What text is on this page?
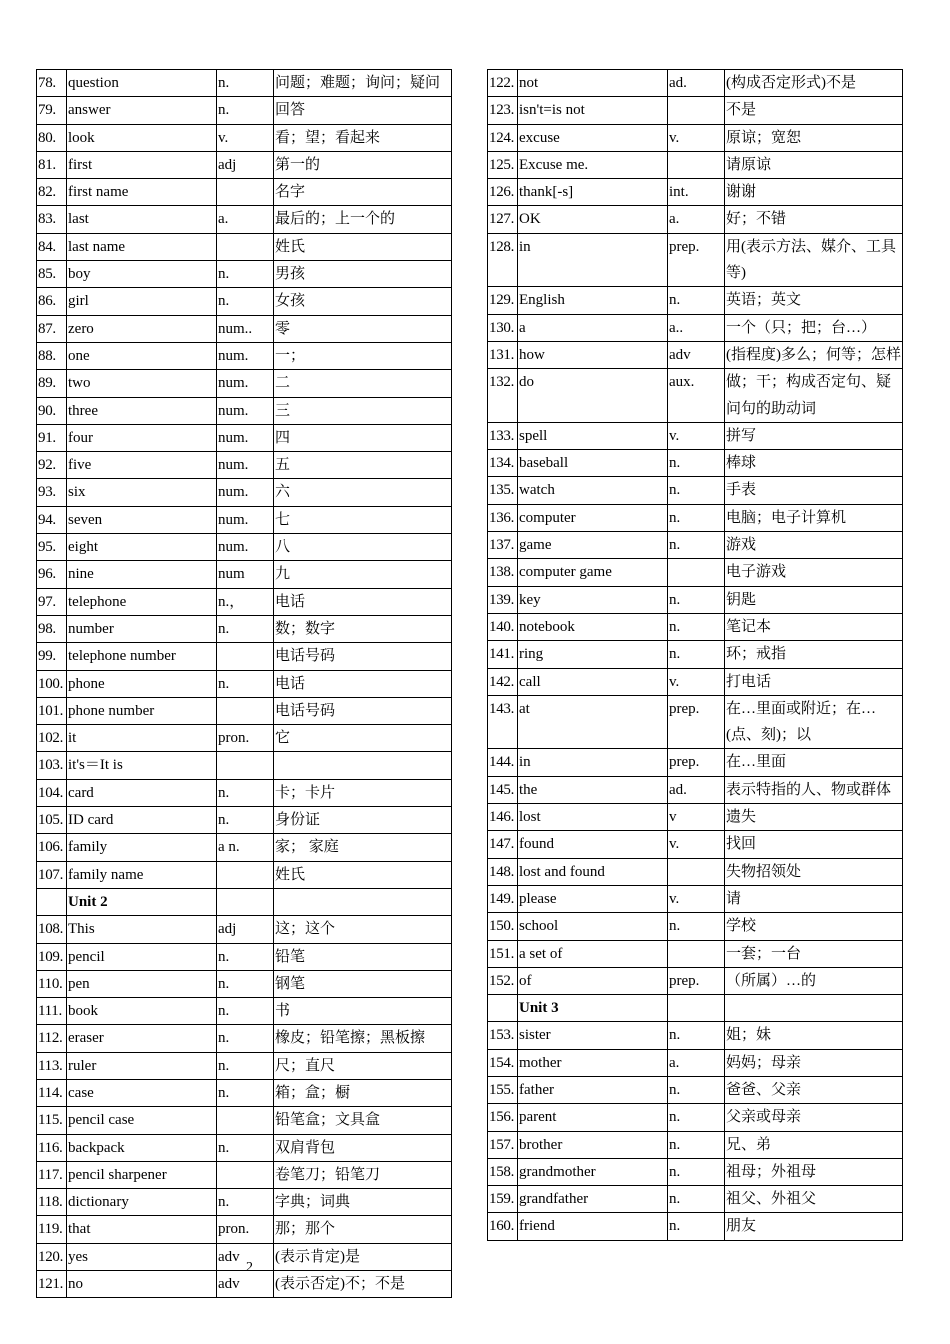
78.	question	n.	问题；难题；询问；疑问
79.	answer	n.	回答
80.	look	v.	看；望；看起来
81.	first	adj	第一的
82.	first name		名字
83.	last	a.	最后的；上一个的
84.	last name		姓氏
85.	boy	n.	男孩
86.	girl	n.	女孩
87.	zero	num..	零
88.	one	num.	一；
89.	two	num.	二
90.	three	num.	三
91.	four	num.	四
92.	five	num.	五
93.	six	num.	六
94.	seven	num.	七
95.	eight	num.	八
96.	nine	num	九
97.	telephone	n.，	电话
98.	number	n.	数；数字
99.	telephone number		电话号码
100.	phone	n.	电话
101.	phone number		电话号码
102.	it	pron.	它
103.	it's＝It is		
104.	card	n.	卡；卡片
105.	ID card	n.	身份证
106.	family	a n.	家； 家庭
107.	family name		姓氏
	Unit 2		
108.	This	adj	这；这个
109.	pencil	n.	铅笔
110.	pen	n.	钢笔
111.	book	n.	书
112.	eraser	n.	橡皮；铅笔擦；黑板擦
113.	ruler	n.	尺；直尺
114.	case	n.	箱；盒；橱
115.	pencil case		铅笔盒；文具盒
116.	backpack	n.	双肩背包
117.	pencil sharpener		卷笔刀；铅笔刀
118.	dictionary	n.	字典；词典
119.	that	pron.	那；那个
120.	yes	adv	(表示肯定)是
121.	no	adv	(表示否定)不；不是
122.	not	ad.	(构成否定形式)不是
123.	isn't=is not		不是
124.	excuse	v.	原谅；宽恕
125.	Excuse me.		请原谅
126.	thank[-s]	int.	谢谢
127.	OK	a.	好；不错
128.	in	prep.	用(表示方法、媒介、工具等)
129.	English	n.	英语；英文
130.	a	a..	一个（只；把；台…）
131.	how	adv	(指程度)多么；何等；怎样
132.	do	aux.	做；干；构成否定句、疑问句的助动词
133.	spell	v.	拼写
134.	baseball	n.	棒球
135.	watch	n.	手表
136.	computer	n.	电脑；电子计算机
137.	game	n.	游戏
138.	computer game		电子游戏
139.	key	n.	钥匙
140.	notebook	n.	笔记本
141.	ring	n.	环；戒指
142.	call	v.	打电话
143.	at	prep.	在…里面或附近；在…(点、刻)；以
144.	in	prep.	在…里面
145.	the	ad.	表示特指的人、物或群体
146.	lost	v	遗失
147.	found	v.	找回
148.	lost and found		失物招领处
149.	please	v.	请
150.	school	n.	学校
151.	a set of		一套；一台
152.	of	prep.	（所属）…的
	Unit 3		
153.	sister	n.	姐；妹
154.	mother	a.	妈妈；母亲
155.	father	n.	爸爸、父亲
156.	parent	n.	父亲或母亲
157.	brother	n.	兄、弟
158.	grandmother	n.	祖母；外祖母
159.	grandfather	n.	祖父、外祖父
160.	friend	n.	朋友
2
